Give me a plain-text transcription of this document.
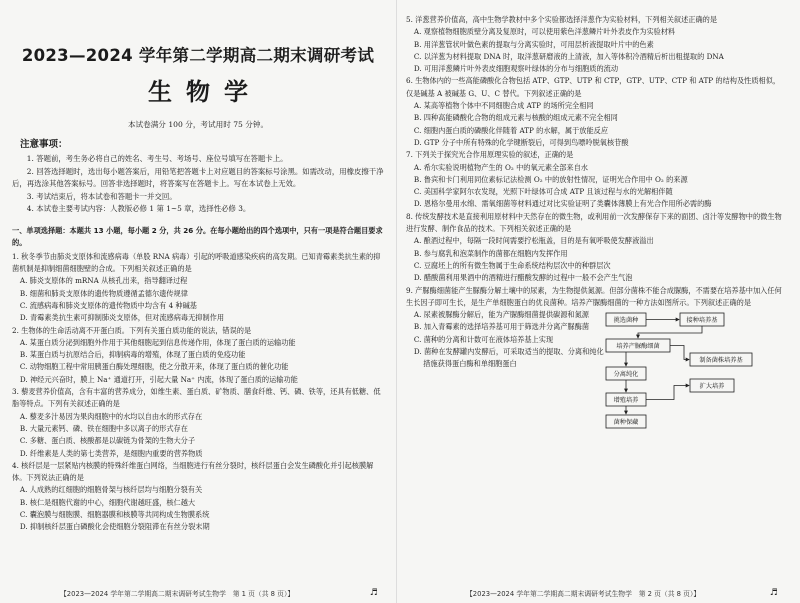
2023—2024 学年第二学期高二期末调研考试
生物学
本试卷满分 100 分，考试用时 75 分钟。
注意事项：

1. 答题前，考生务必将自己的姓名、考生号、考场号、座位号填写在答题卡上。

2. 回答选择题时，选出每小题答案后，用铅笔把答题卡上对应题目的答案标号涂黑。如需改动，用橡皮擦干净后，再选涂其他答案标号。回答非选择题时，将答案写在答题卡上。写在本试卷上无效。

3. 考试结束后，将本试卷和答题卡一并交回。

4. 本试卷主要考试内容：人教版必修 1 第 1~5 章，选择性必修 3。

一、单项选择题：本题共 13 小题，每小题 2 分，共 26 分。在每小题给出的四个选项中，只有一项是符合题目要求的。

1. 秋冬季节由肺炎支原体和流感病毒（单股 RNA 病毒）引起的呼吸道感染疾病的高发期。已知青霉素类抗生素的抑菌机制是抑制细菌细胞壁的合成。下列相关叙述正确的是

A. 肺炎支原体的 mRNA 从核孔出来，指导翻译过程

B. 细菌和肺炎支原体的遗传物质遵循孟德尔遗传规律

C. 流感病毒和肺炎支原体的遗传物质中均含有 4 种碱基

D. 青霉素类抗生素可抑制肺炎支原体，但对流感病毒无抑制作用

2. 生物体的生命活动离不开蛋白质。下列有关蛋白质功能的说法，错误的是

A. 某蛋白质分泌到细胞外作用于其他细胞起到信息传递作用，体现了蛋白质的运输功能

B. 某蛋白质与抗原结合后，抑制病毒的增殖，体现了蛋白质的免疫功能

C. 动物细胞工程中常用胰蛋白酶处理细胞，使之分散开来，体现了蛋白质的催化功能

D. 神经元兴奋时，膜上 Na⁺ 通道打开，引起大量 Na⁺ 内流，体现了蛋白质的运输功能

3. 藜麦营养价值高，含有丰富的营养成分，如维生素、蛋白质、矿物质、膳食纤维、钙、磷、铁等，还具有低糖、低脂等特点。下列有关叙述正确的是

A. 藜麦多汁易因为果肉细胞中的水均以自由水的形式存在

B. 大量元素钙、磷、铁在细胞中多以离子的形式存在

C. 多糖、蛋白质、核酸都是以碳链为骨架的生物大分子

D. 纤维素是人类的第七类营养，是细胞内重要的营养物质

4. 核纤层是一层紧贴内核膜的特殊纤维蛋白网络，当细胞进行有丝分裂时，核纤层蛋白会发生磷酸化并引起核膜解体。下列说法正确的是

A. 人成熟的红细胞的细胞骨架与核纤层均与细胞分裂有关

B. 核仁是细胞代谢的中心，细胞代谢越旺盛，核仁越大

C. 囊泡膜与细胞膜、细胞器膜和核膜等共同构成生物膜系统

D. 抑制核纤层蛋白磷酸化会使细胞分裂阻滞在有丝分裂末期

【2023—2024 学年第二学期高二期末调研考试生物学　第 1 页（共 8 页）】	♬

5. 洋葱营养价值高，高中生物学教材中多个实验都选择洋葱作为实验材料，下列相关叙述正确的是

A. 观察植物细胞质壁分离及复原时，可以使用紫色洋葱鳞片叶外表皮作为实验材料

B. 用洋葱管状叶做色素的提取与分离实验时，可用层析液提取叶片中的色素

C. 以洋葱为材料提取 DNA 时，取洋葱研磨液的上清液，加入等体积冷酒精后析出粗提取的 DNA

D. 可用洋葱鳞片叶外表皮细胞观察叶绿体的分布与细胞质的流动

6. 生物体内的一些高能磷酸化合物包括 ATP、GTP、UTP 和 CTP，GTP、UTP、CTP 和 ATP 的结构及性质相似，仅是碱基 A 被碱基 G、U、C 替代。下列叙述正确的是

A. 某高等植物个体中不同细胞合成 ATP 的场所完全相同

B. 四种高能磷酸化合物的组成元素与核酸的组成元素不完全相同

C. 细胞内蛋白质的磷酸化伴随着 ATP 的水解，属于放能反应

D. GTP 分子中所有特殊的化学键断裂后，可得到鸟嘌呤脱氧核苷酸

7. 下列关于探究光合作用原理实验的叙述，正确的是

A. 希尔实验说明植物产生的 O₂ 中的氧元素全部来自水

B. 鲁宾和卡门利用同位素标记法检测 O₂ 中的放射性情况，证明光合作用中 O₂ 的来源

C. 美国科学家阿尔农发现，光照下叶绿体可合成 ATP 且该过程与水的光解相伴随

D. 恩格尔曼用水绵、需氧细菌等材料通过对比实验证明了类囊体薄膜上有光合作用所必需的酶

8. 传统发酵技术是直接利用原材料中天然存在的微生物，或利用前一次发酵保存下来的面团、卤汁等发酵物中的微生物进行发酵、制作食品的技术。下列相关叙述正确的是

A. 酿酒过程中，每隔一段时间需要拧松瓶盖，目的是有氧呼吸使发酵液溢出

B. 参与腐乳和泡菜制作的菌都在细胞内发挥作用

C. 豆腐坯上的所有微生物属于生命系统结构层次中的种群层次

D. 醋酸菌利用果酒中的酒精进行醋酸发酵的过程中一般不会产生气泡

9. 产脲酶细菌能产生脲酶分解土壤中的尿素，为生物提供氮源。但部分菌株不能合成脲酶，不需要在培养基中加入任何生长因子即可生长，是生产单细胞蛋白的优良菌种。培养产脲酶细菌的一种方法如图所示。下列叙述正确的是

A. 尿素被脲酶分解后，能为产脲酶细菌提供碳源和氮源

B. 加入青霉素的选择培养基可用于筛选并分离产脲酶菌

C. 菌种的分离和计数可在液体培养基上实现

D. 菌种在发酵罐内发酵后，可采取适当的提取、分离和纯化措施获得蛋白酶和单细胞蛋白

挑选菌种	接种培养基
培养产脲酶细菌
制备菌株培养基
分离纯化
增殖培养
扩大培养
菌种保藏
【2023—2024 学年第二学期高二期末调研考试生物学　第 2 页（共 8 页）】	♬
